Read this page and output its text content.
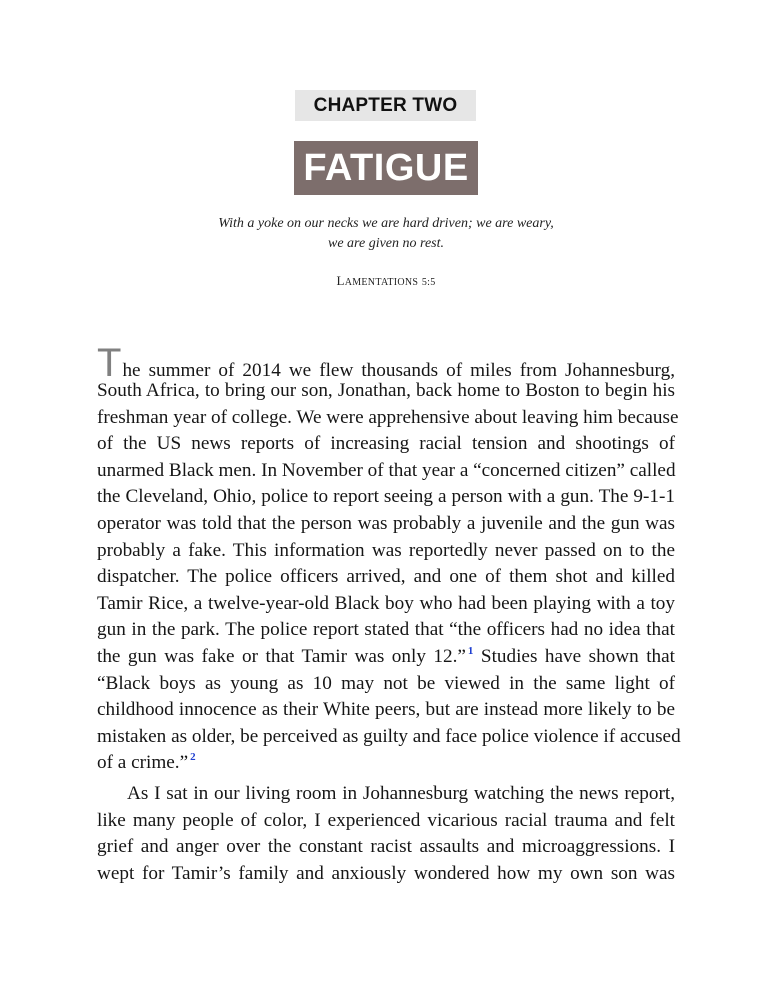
CHAPTER TWO
FATIGUE
With a yoke on our necks we are hard driven; we are weary,
we are given no rest.
LAMENTATIONS 5:5
The summer of 2014 we flew thousands of miles from Johannesburg,
South Africa, to bring our son, Jonathan, back home to Boston to begin his
freshman year of college. We were apprehensive about leaving him because
of the US news reports of increasing racial tension and shootings of
unarmed Black men. In November of that year a “concerned citizen” called
the Cleveland, Ohio, police to report seeing a person with a gun. The 9-1-1
operator was told that the person was probably a juvenile and the gun was
probably a fake. This information was reportedly never passed on to the
dispatcher. The police officers arrived, and one of them shot and killed
Tamir Rice, a twelve-year-old Black boy who had been playing with a toy
gun in the park. The police report stated that “the officers had no idea that
the gun was fake or that Tamir was only 12.” $^1$ Studies have shown that
“Black boys as young as 10 may not be viewed in the same light of
childhood innocence as their White peers, but are instead more likely to be
mistaken as older, be perceived as guilty and face police violence if accused
of a crime.” $^2$
As I sat in our living room in Johannesburg watching the news report,
like many people of color, I experienced vicarious racial trauma and felt
grief and anger over the constant racist assaults and microaggressions. I
wept for Tamir’s family and anxiously wondered how my own son was
